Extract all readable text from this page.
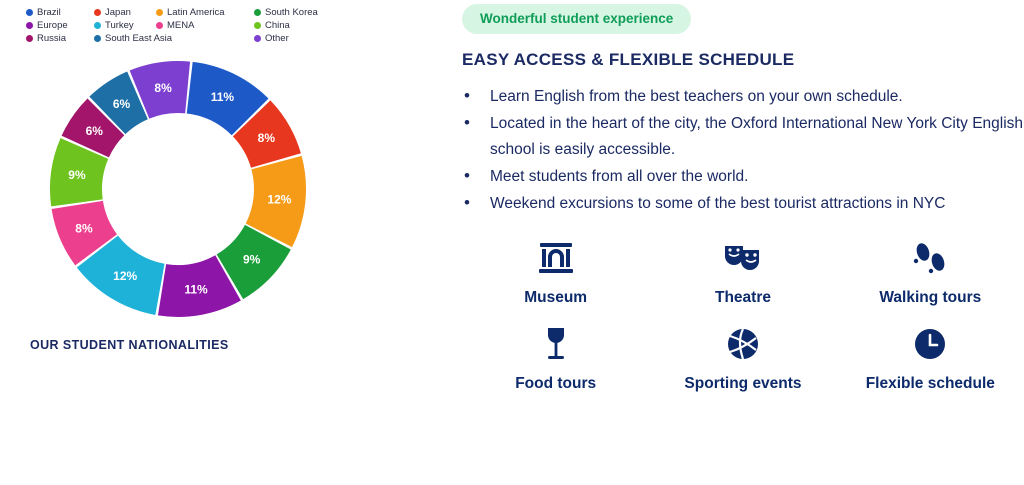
Brazil	Japan	Latin America	South Korea
Europe	Turkey	MENA	China
Russia	South East Asia	Other
11%
8%
12%
9%
11%
12%
8%
9%
6%
6%
8%
OUR STUDENT NATIONALITIES
Wonderful student experience
EASY ACCESS & FLEXIBLE SCHEDULE
• Learn English from the best teachers on your own schedule.
• Located in the heart of the city, the Oxford International New York City English school is easily accessible.
• Meet students from all over the world.
• Weekend excursions to some of the best tourist attractions in NYC
Museum	Theatre	Walking tours
Food tours	Sporting events	Flexible schedule
